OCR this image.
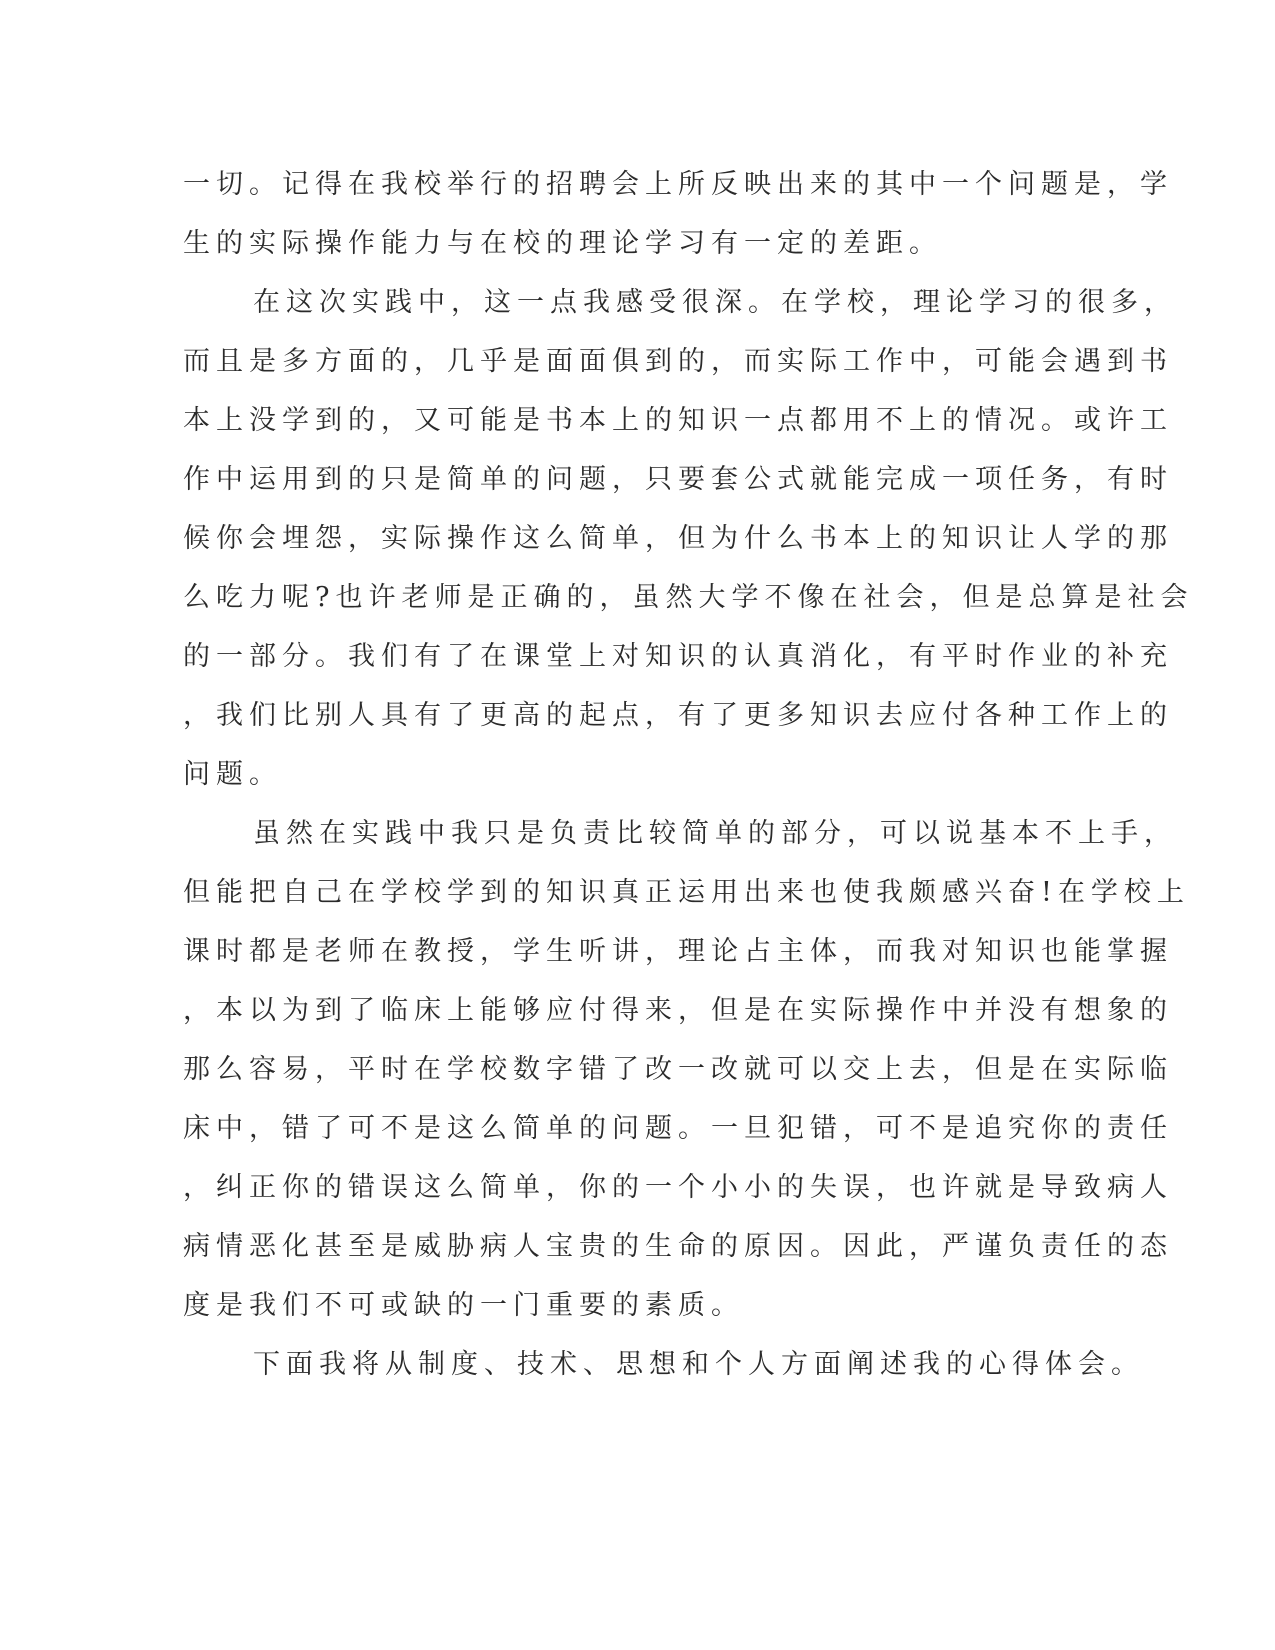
一切。记得在我校举行的招聘会上所反映出来的其中一个问题是，学
生的实际操作能力与在校的理论学习有一定的差距。
在这次实践中，这一点我感受很深。在学校，理论学习的很多，
而且是多方面的，几乎是面面俱到的，而实际工作中，可能会遇到书
本上没学到的，又可能是书本上的知识一点都用不上的情况。或许工
作中运用到的只是简单的问题，只要套公式就能完成一项任务，有时
候你会埋怨，实际操作这么简单，但为什么书本上的知识让人学的那
么吃力呢?也许老师是正确的，虽然大学不像在社会，但是总算是社会
的一部分。我们有了在课堂上对知识的认真消化，有平时作业的补充
，我们比别人具有了更高的起点，有了更多知识去应付各种工作上的
问题。
虽然在实践中我只是负责比较简单的部分，可以说基本不上手，
但能把自己在学校学到的知识真正运用出来也使我颇感兴奋!在学校上
课时都是老师在教授，学生听讲，理论占主体，而我对知识也能掌握
，本以为到了临床上能够应付得来，但是在实际操作中并没有想象的
那么容易，平时在学校数字错了改一改就可以交上去，但是在实际临
床中，错了可不是这么简单的问题。一旦犯错，可不是追究你的责任
，纠正你的错误这么简单，你的一个小小的失误，也许就是导致病人
病情恶化甚至是威胁病人宝贵的生命的原因。因此，严谨负责任的态
度是我们不可或缺的一门重要的素质。
下面我将从制度、技术、思想和个人方面阐述我的心得体会。
